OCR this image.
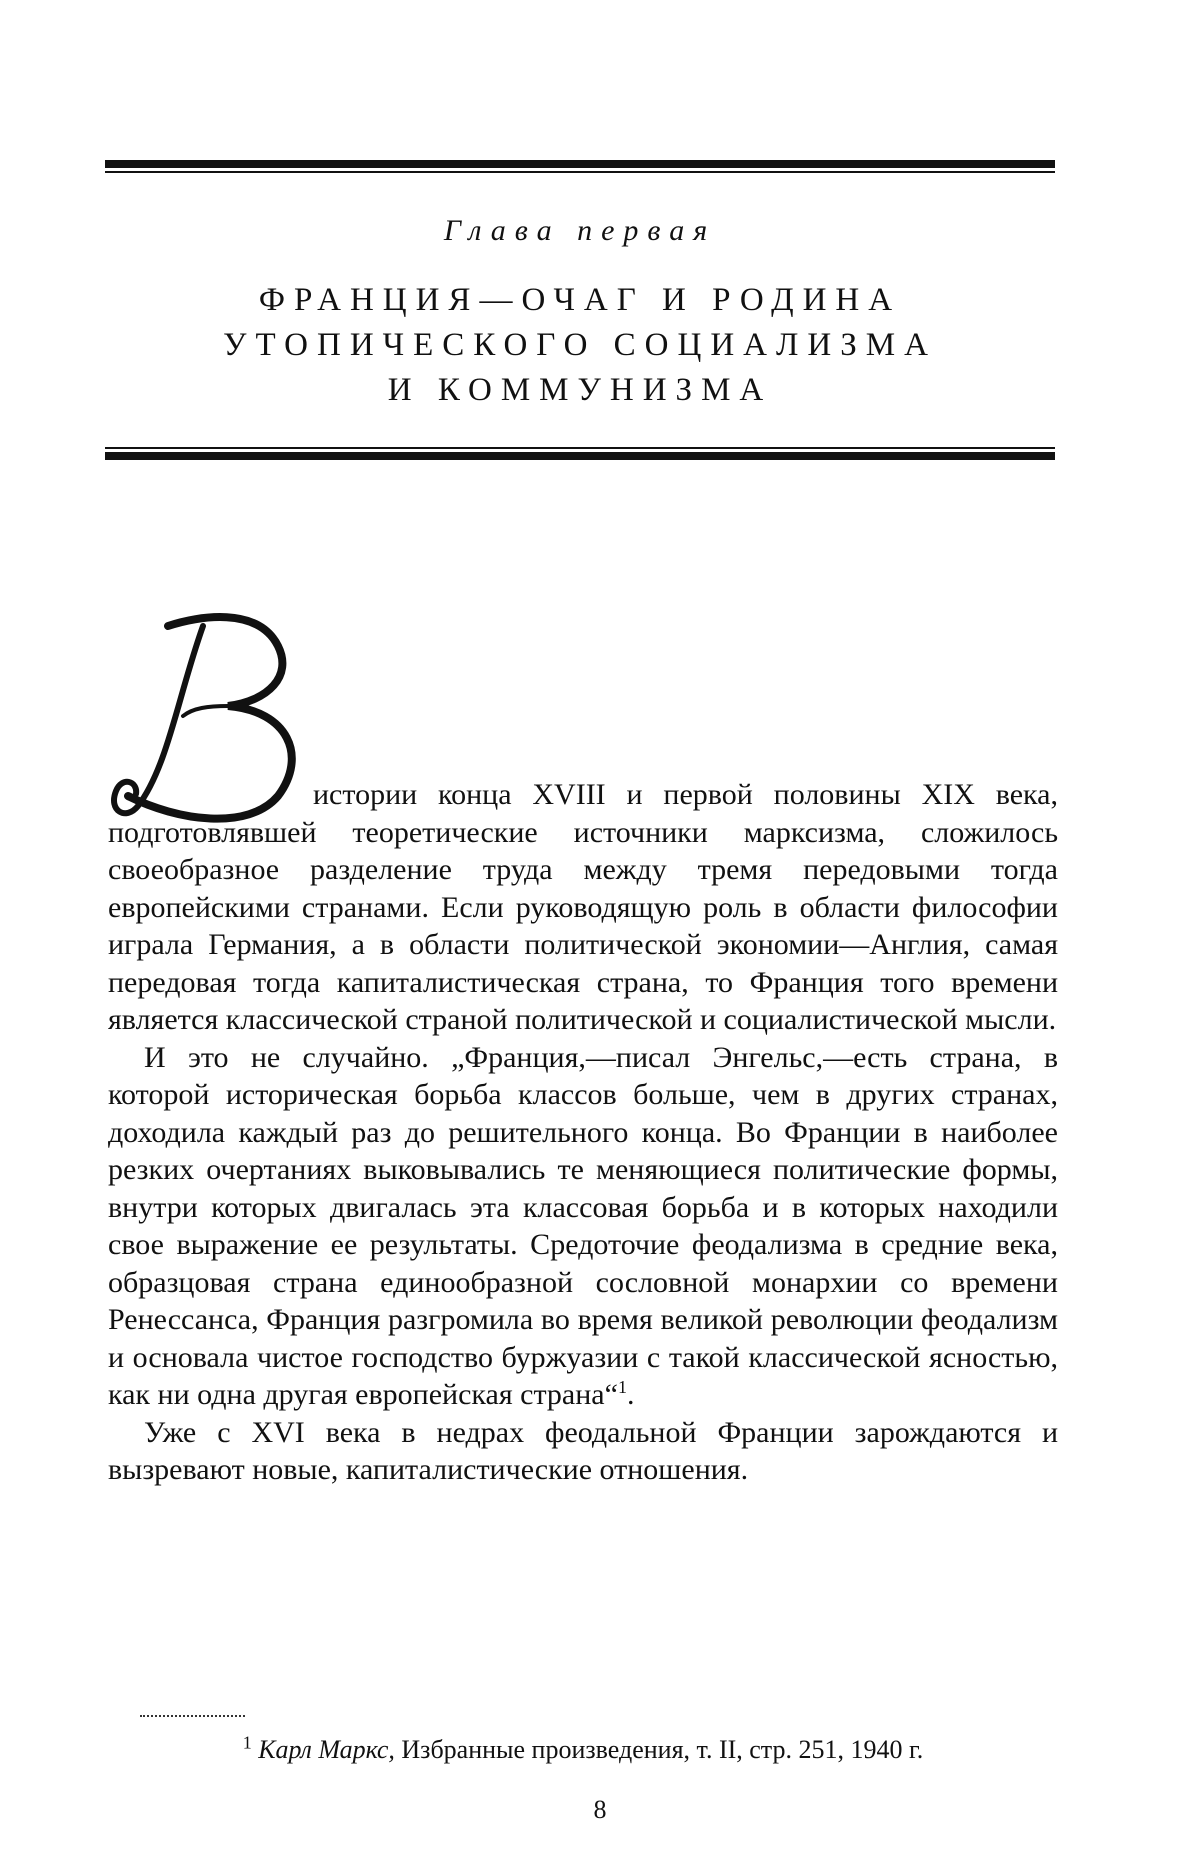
Глава первая
ФРАНЦИЯ—ОЧАГ И РОДИНА
УТОПИЧЕСКОГО СОЦИАЛИЗМА
И КОММУНИЗМА

истории конца XVIII и первой половины XIX века, подготовлявшей теоретические источники марксизма, сложилось своеобразное разделение труда между тремя передовыми тогда европейскими странами. Если руководящую роль в области философии играла Германия, а в области политической экономии—Англия, самая передовая тогда капиталистическая страна, то Франция того времени является классической страной политической и социалистической мысли.

И это не случайно. „Франция,—писал Энгельс,—есть страна, в которой историческая борьба классов больше, чем в других странах, доходила каждый раз до решительного конца. Во Франции в наиболее резких очертаниях выковывались те меняющиеся политические формы, внутри которых двигалась эта классовая борьба и в которых находили свое выражение ее результаты. Средоточие феодализма в средние века, образцовая страна единообразной сословной монархии со времени Ренессанса, Франция разгромила во время великой революции феодализм и основала чистое господство буржуазии с такой классической ясностью, как ни одна другая европейская страна“$^1$.

Уже с XVI века в недрах феодальной Франции зарождаются и вызревают новые, капиталистические отношения.

$^1$ Карл Маркс, Избранные произведения, т. II, стр. 251, 1940 г.
8
